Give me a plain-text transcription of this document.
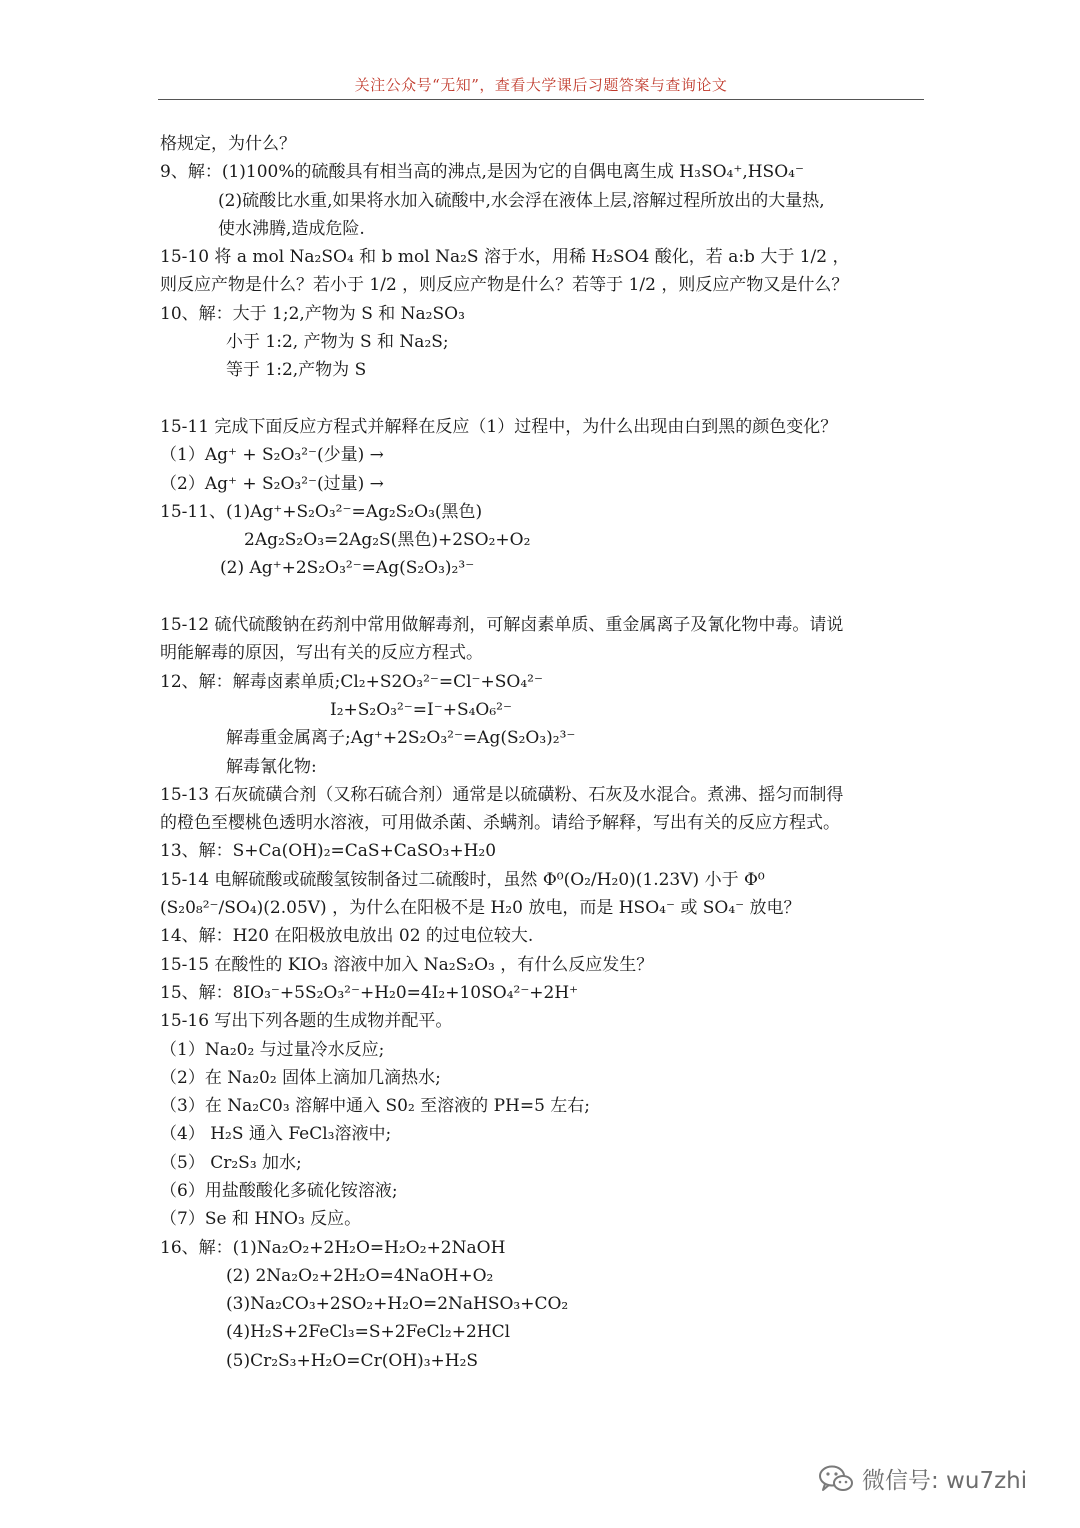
关注公众号“无知”，查看大学课后习题答案与查询论文
格规定，为什么？
9、解：(1)100%的硫酸具有相当高的沸点,是因为它的自偶电离生成 H₃SO₄⁺,HSO₄⁻
(2)硫酸比水重,如果将水加入硫酸中,水会浮在液体上层,溶解过程所放出的大量热,
使水沸腾,造成危险.
15-10 将 a mol Na₂SO₄ 和 b mol Na₂S 溶于水，用稀 H₂SO4 酸化，若 a:b 大于 1/2 ，
则反应产物是什么？若小于 1/2 ，则反应产物是什么？若等于 1/2 ，则反应产物又是什么？
10、解：大于 1;2,产物为 S 和 Na₂SO₃
小于 1:2, 产物为 S 和 Na₂S;
等于 1:2,产物为 S
15-11 完成下面反应方程式并解释在反应（1）过程中，为什么出现由白到黑的颜色变化？
（1）Ag⁺ + S₂O₃²⁻(少量) →
（2）Ag⁺ + S₂O₃²⁻(过量) →
15-11、(1)Ag⁺+S₂O₃²⁻=Ag₂S₂O₃(黑色)
2Ag₂S₂O₃=2Ag₂S(黑色)+2SO₂+O₂
(2) Ag⁺+2S₂O₃²⁻=Ag(S₂O₃)₂³⁻
15-12 硫代硫酸钠在药剂中常用做解毒剂，可解卤素单质、重金属离子及氰化物中毒。请说
明能解毒的原因，写出有关的反应方程式。
12、解：解毒卤素单质;Cl₂+S2O₃²⁻=Cl⁻+SO₄²⁻
I₂+S₂O₃²⁻=I⁻+S₄O₆²⁻
解毒重金属离子;Ag⁺+2S₂O₃²⁻=Ag(S₂O₃)₂³⁻
解毒氰化物:
15-13 石灰硫磺合剂（又称石硫合剂）通常是以硫磺粉、石灰及水混合。煮沸、摇匀而制得
的橙色至樱桃色透明水溶液，可用做杀菌、杀螨剂。请给予解释，写出有关的反应方程式。
13、解：S+Ca(OH)₂=CaS+CaSO₃+H₂0
15-14 电解硫酸或硫酸氢铵制备过二硫酸时，虽然 Φ⁰(O₂/H₂0)(1.23V) 小于 Φ⁰
(S₂0₈²⁻/SO₄)(2.05V) ，为什么在阳极不是 H₂0 放电，而是 HSO₄⁻ 或 SO₄⁻ 放电？
14、解：H20 在阳极放电放出 02 的过电位较大.
15-15 在酸性的 KIO₃ 溶液中加入 Na₂S₂O₃ ，有什么反应发生？
15、解：8IO₃⁻+5S₂O₃²⁻+H₂0=4I₂+10SO₄²⁻+2H⁺
15-16 写出下列各题的生成物并配平。
（1）Na₂0₂ 与过量冷水反应;
（2）在 Na₂0₂ 固体上滴加几滴热水;
（3）在 Na₂C0₃ 溶解中通入 S0₂ 至溶液的 PH=5 左右;
（4） H₂S 通入 FeCl₃溶液中;
（5） Cr₂S₃ 加水;
（6）用盐酸酸化多硫化铵溶液;
（7）Se 和 HNO₃ 反应。
16、解：(1)Na₂O₂+2H₂O=H₂O₂+2NaOH
(2) 2Na₂O₂+2H₂O=4NaOH+O₂
(3)Na₂CO₃+2SO₂+H₂O=2NaHSO₃+CO₂
(4)H₂S+2FeCl₃=S+2FeCl₂+2HCl
(5)Cr₂S₃+H₂O=Cr(OH)₃+H₂S
微信号: wu7zhi
